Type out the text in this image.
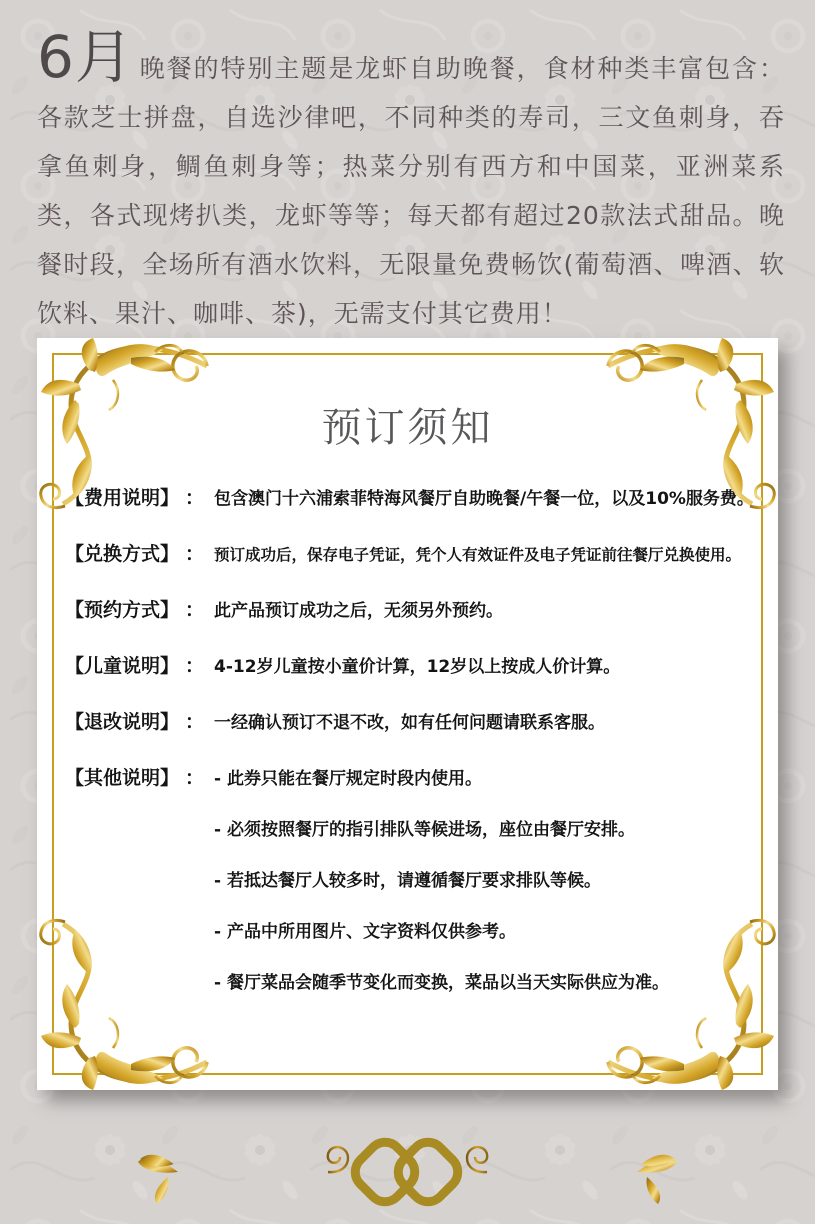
6月 晚餐的特别主题是龙虾自助晚餐，食材种类丰富包含：各款芝士拼盘，自选沙律吧，不同种类的寿司，三文鱼刺身，吞拿鱼刺身，鲷鱼刺身等；热菜分别有西方和中国菜，亚洲菜系类，各式现烤扒类，龙虾等等；每天都有超过20款法式甜品。晚餐时段，全场所有酒水饮料，无限量免费畅饮(葡萄酒、啤酒、软饮料、果汁、咖啡、茶)，无需支付其它费用！

预订须知
【费用说明】 ： 包含澳门十六浦索菲特海风餐厅自助晚餐/午餐一位，以及10%服务费。
【兑换方式】 ： 预订成功后，保存电子凭证，凭个人有效证件及电子凭证前往餐厅兑换使用。
【预约方式】 ： 此产品预订成功之后，无须另外预约。
【儿童说明】 ： 4-12岁儿童按小童价计算，12岁以上按成人价计算。
【退改说明】 ： 一经确认预订不退不改，如有任何问题请联系客服。
【其他说明】 ： - 此券只能在餐厅规定时段内使用。
- 必须按照餐厅的指引排队等候进场，座位由餐厅安排。
- 若抵达餐厅人较多时，请遵循餐厅要求排队等候。
- 产品中所用图片、文字资料仅供参考。
- 餐厅菜品会随季节变化而变换，菜品以当天实际供应为准。
